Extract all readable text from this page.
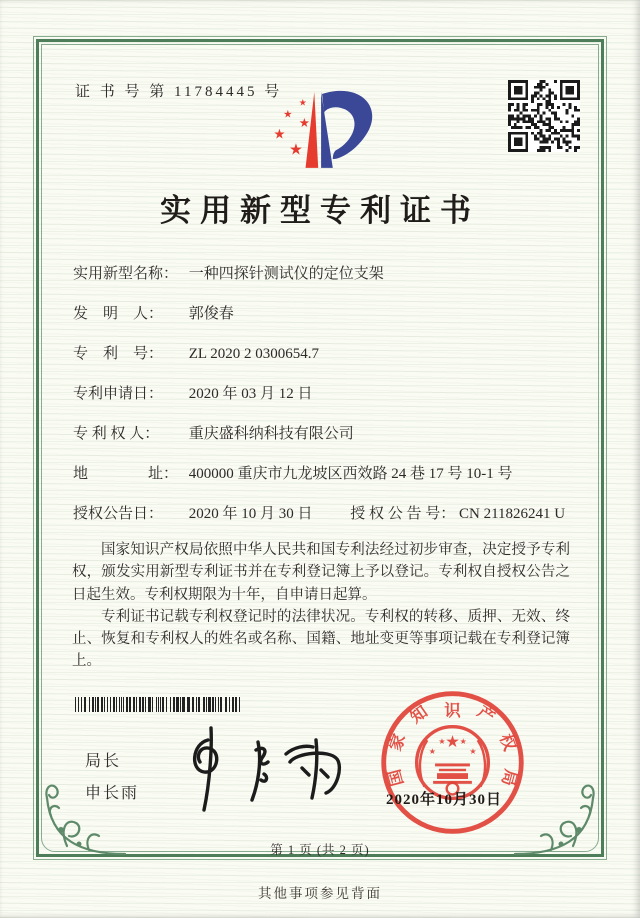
证 书 号 第 11784445 号
★
★
★
★
★
实用新型专利证书
实用新型名称： 一种四探针测试仪的定位支架
发　明　人： 郭俊春
专　利　号： ZL 2020 2 0300654.7
专利申请日： 2020 年 03 月 12 日
专 利 权 人： 重庆盛科纳科技有限公司
地　　　　址： 400000 重庆市九龙坡区西效路 24 巷 17 号 10-1 号
授权公告日： 2020 年 10 月 30 日	授 权 公 告 号： CN 211826241 U

国家知识产权局依照中华人民共和国专利法经过初步审查，决定授予专利权，颁发实用新型专利证书并在专利登记簿上予以登记。专利权自授权公告之日起生效。专利权期限为十年，自申请日起算。

专利证书记载专利权登记时的法律状况。专利权的转移、质押、无效、终止、恢复和专利权人的姓名或名称、国籍、地址变更等事项记载在专利登记簿上。

局长
申长雨
★
★
★ ★
★
国
家
知 识 产
权
局
2020年10月30日
第 1 页 (共 2 页)
其他事项参见背面
